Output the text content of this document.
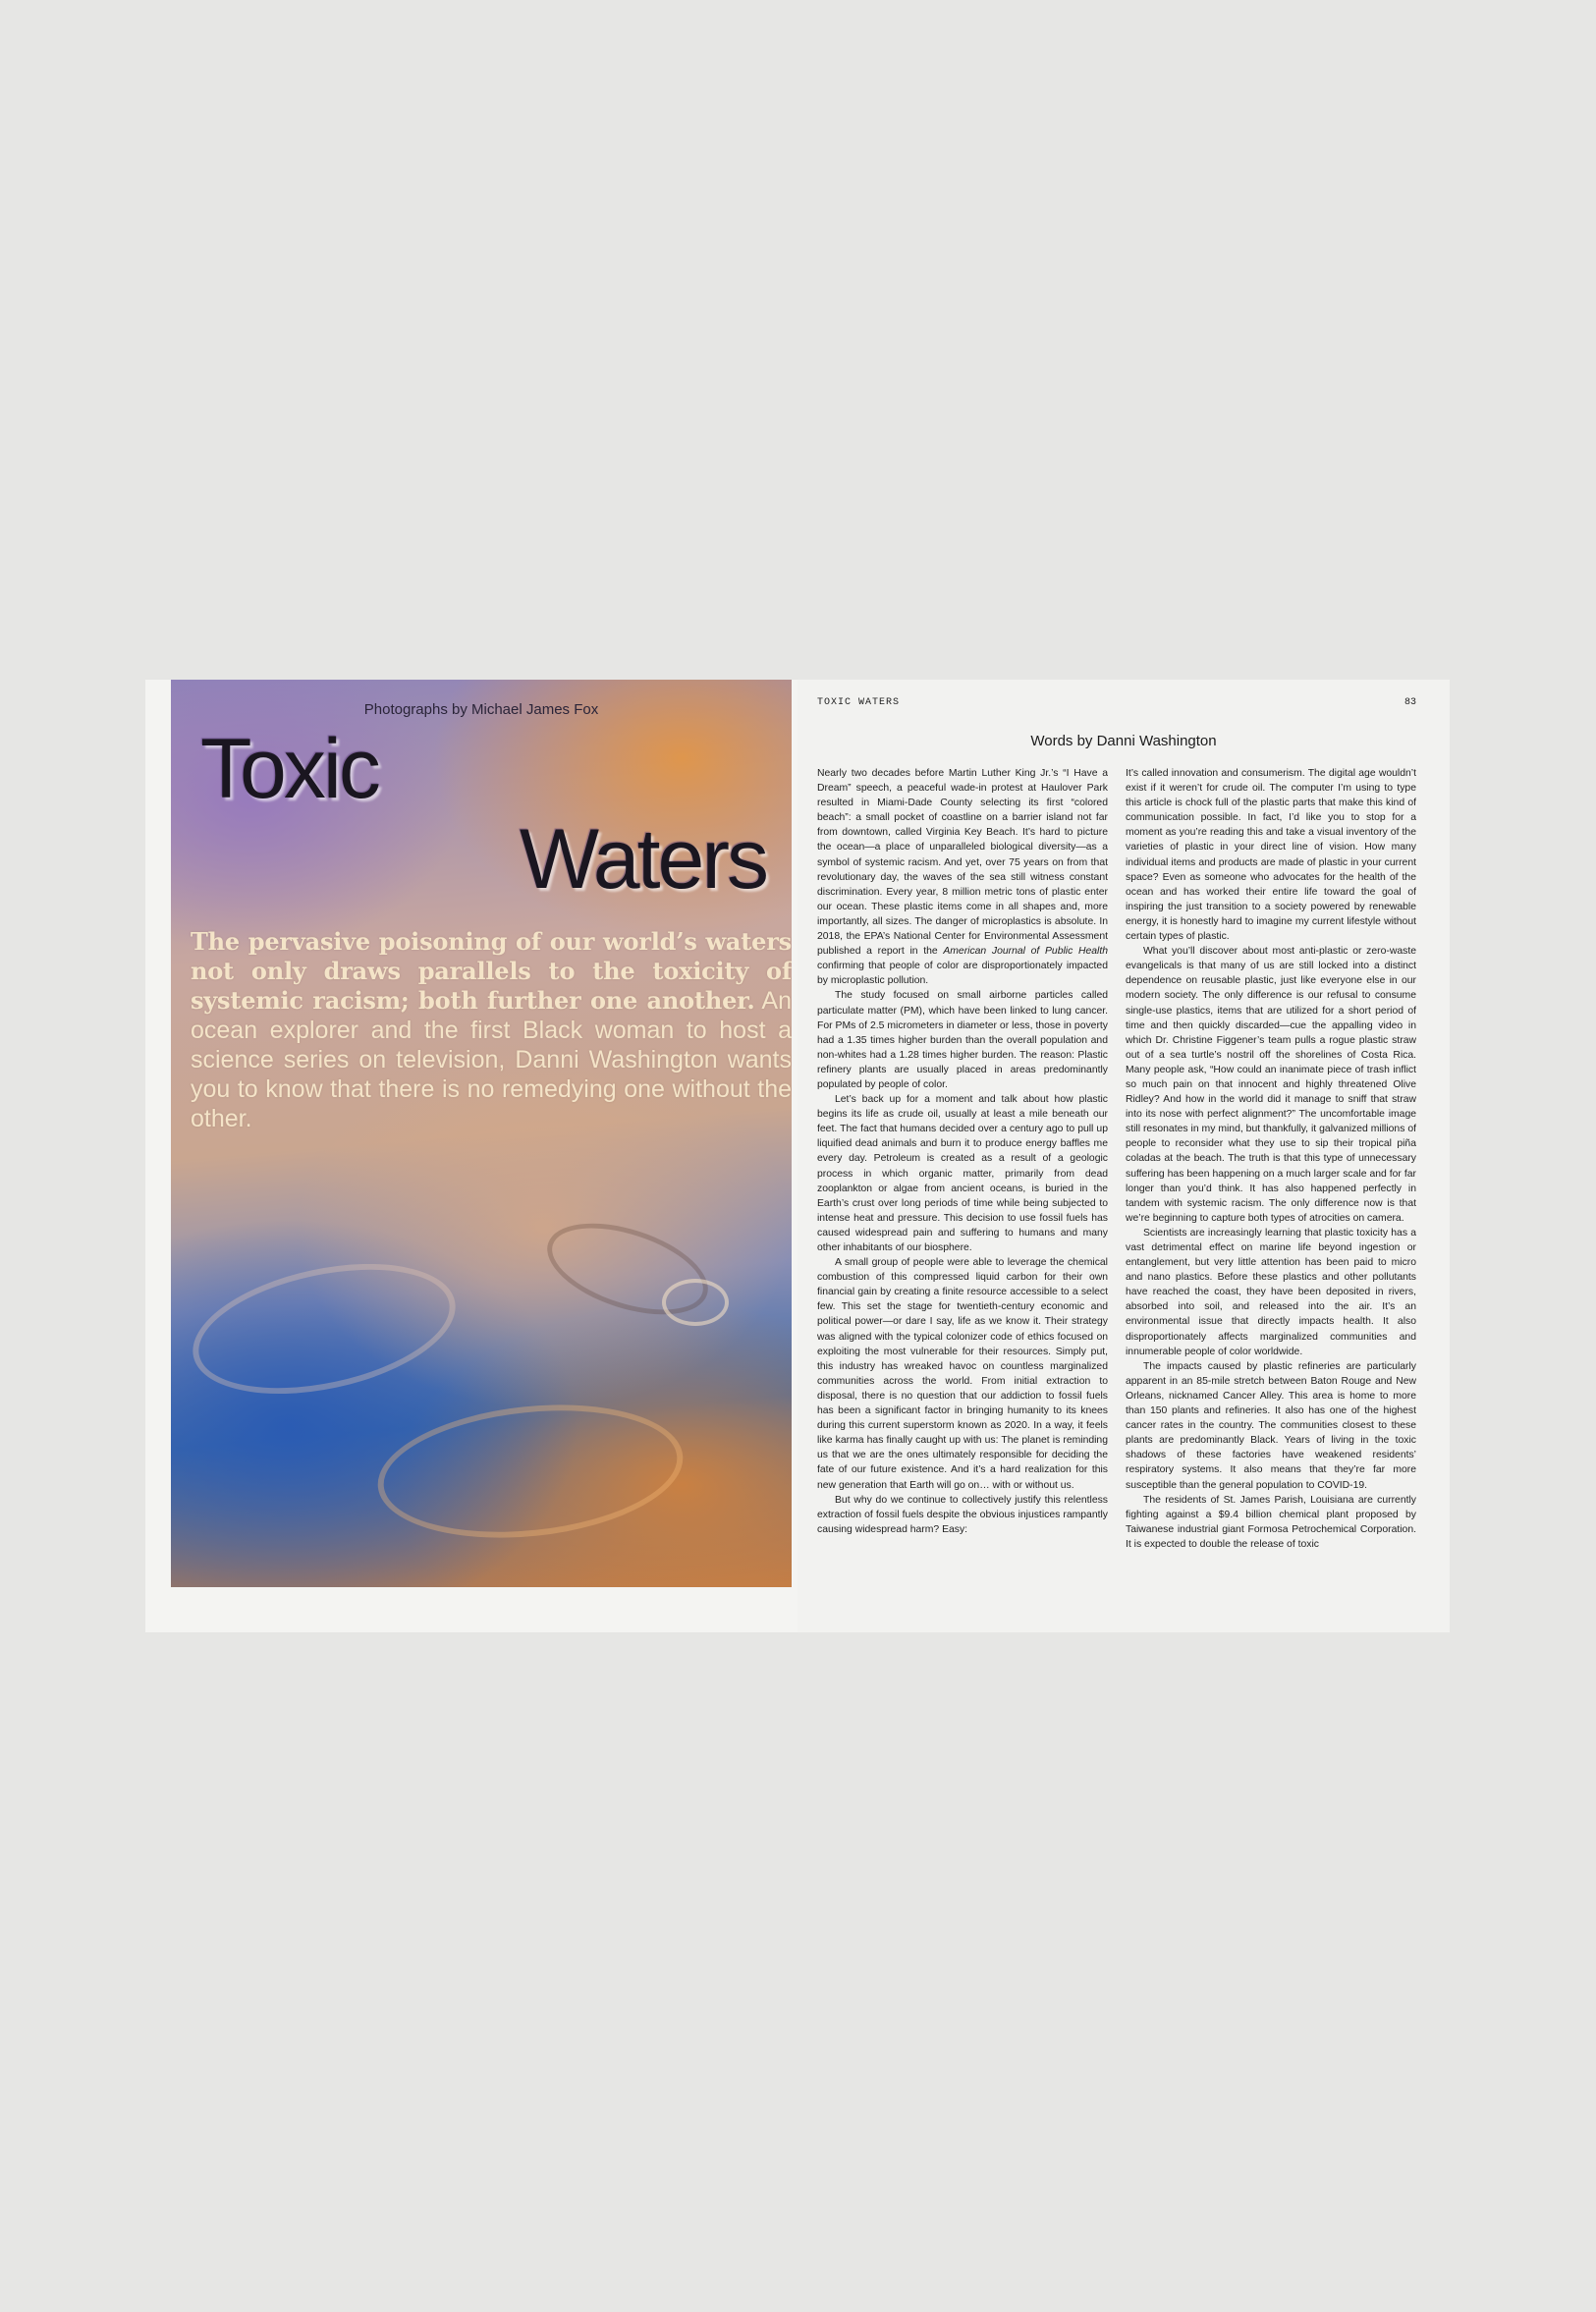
Photographs by Michael James Fox
Toxic
Waters
The pervasive poisoning of our world’s waters not only draws parallels to the toxicity of systemic racism; both further one another. An ocean explorer and the first Black woman to host a science series on television, Danni Washington wants you to know that there is no remedying one without the other.
TOXIC WATERS	83
Words by Danni Washington

Nearly two decades before Martin Luther King Jr.’s “I Have a Dream” speech, a peaceful wade-in protest at Haulover Park resulted in Miami-Dade County selecting its first “colored beach”: a small pocket of coastline on a barrier island not far from downtown, called Virginia Key Beach. It’s hard to picture the ocean—a place of unparalleled biological diversity—as a symbol of systemic racism. And yet, over 75 years on from that revolutionary day, the waves of the sea still witness constant discrimination. Every year, 8 million metric tons of plastic enter our ocean. These plastic items come in all shapes and, more importantly, all sizes. The danger of microplastics is absolute. In 2018, the EPA’s National Center for Environmental Assessment published a report in the American Journal of Public Health confirming that people of color are disproportionately impacted by microplastic pollution.

The study focused on small airborne particles called particulate matter (PM), which have been linked to lung cancer. For PMs of 2.5 micrometers in diameter or less, those in poverty had a 1.35 times higher burden than the overall population and non-whites had a 1.28 times higher burden. The reason: Plastic refinery plants are usually placed in areas predominantly populated by people of color.

Let’s back up for a moment and talk about how plastic begins its life as crude oil, usually at least a mile beneath our feet. The fact that humans decided over a century ago to pull up liquified dead animals and burn it to produce energy baffles me every day. Petroleum is created as a result of a geologic process in which organic matter, primarily from dead zooplankton or algae from ancient oceans, is buried in the Earth’s crust over long periods of time while being subjected to intense heat and pressure. This decision to use fossil fuels has caused widespread pain and suffering to humans and many other inhabitants of our biosphere.

A small group of people were able to leverage the chemical combustion of this compressed liquid carbon for their own financial gain by creating a finite resource accessible to a select few. This set the stage for twentieth-century economic and political power—or dare I say, life as we know it. Their strategy was aligned with the typical colonizer code of ethics focused on exploiting the most vulnerable for their resources. Simply put, this industry has wreaked havoc on countless marginalized communities across the world. From initial extraction to disposal, there is no question that our addiction to fossil fuels has been a significant factor in bringing humanity to its knees during this current superstorm known as 2020. In a way, it feels like karma has finally caught up with us: The planet is reminding us that we are the ones ultimately responsible for deciding the fate of our future existence. And it’s a hard realization for this new generation that Earth will go on… with or without us.

But why do we continue to collectively justify this relentless extraction of fossil fuels despite the obvious injustices rampantly causing widespread harm? Easy:

It’s called innovation and consumerism. The digital age wouldn’t exist if it weren’t for crude oil. The computer I’m using to type this article is chock full of the plastic parts that make this kind of communication possible. In fact, I’d like you to stop for a moment as you’re reading this and take a visual inventory of the varieties of plastic in your direct line of vision. How many individual items and products are made of plastic in your current space? Even as someone who advocates for the health of the ocean and has worked their entire life toward the goal of inspiring the just transition to a society powered by renewable energy, it is honestly hard to imagine my current lifestyle without certain types of plastic.

What you’ll discover about most anti-plastic or zero-waste evangelicals is that many of us are still locked into a distinct dependence on reusable plastic, just like everyone else in our modern society. The only difference is our refusal to consume single-use plastics, items that are utilized for a short period of time and then quickly discarded—cue the appalling video in which Dr. Christine Figgener’s team pulls a rogue plastic straw out of a sea turtle’s nostril off the shorelines of Costa Rica. Many people ask, “How could an inanimate piece of trash inflict so much pain on that innocent and highly threatened Olive Ridley? And how in the world did it manage to sniff that straw into its nose with perfect alignment?” The uncomfortable image still resonates in my mind, but thankfully, it galvanized millions of people to reconsider what they use to sip their tropical piña coladas at the beach. The truth is that this type of unnecessary suffering has been happening on a much larger scale and for far longer than you’d think. It has also happened perfectly in tandem with systemic racism. The only difference now is that we’re beginning to capture both types of atrocities on camera.

Scientists are increasingly learning that plastic toxicity has a vast detrimental effect on marine life beyond ingestion or entanglement, but very little attention has been paid to micro and nano plastics. Before these plastics and other pollutants have reached the coast, they have been deposited in rivers, absorbed into soil, and released into the air. It’s an environmental issue that directly impacts health. It also disproportionately affects marginalized communities and innumerable people of color worldwide.

The impacts caused by plastic refineries are particularly apparent in an 85-mile stretch between Baton Rouge and New Orleans, nicknamed Cancer Alley. This area is home to more than 150 plants and refineries. It also has one of the highest cancer rates in the country. The communities closest to these plants are predominantly Black. Years of living in the toxic shadows of these factories have weakened residents’ respiratory systems. It also means that they’re far more susceptible than the general population to COVID-19.

The residents of St. James Parish, Louisiana are currently fighting against a $9.4 billion chemical plant proposed by Taiwanese industrial giant Formosa Petrochemical Corporation. It is expected to double the release of toxic
